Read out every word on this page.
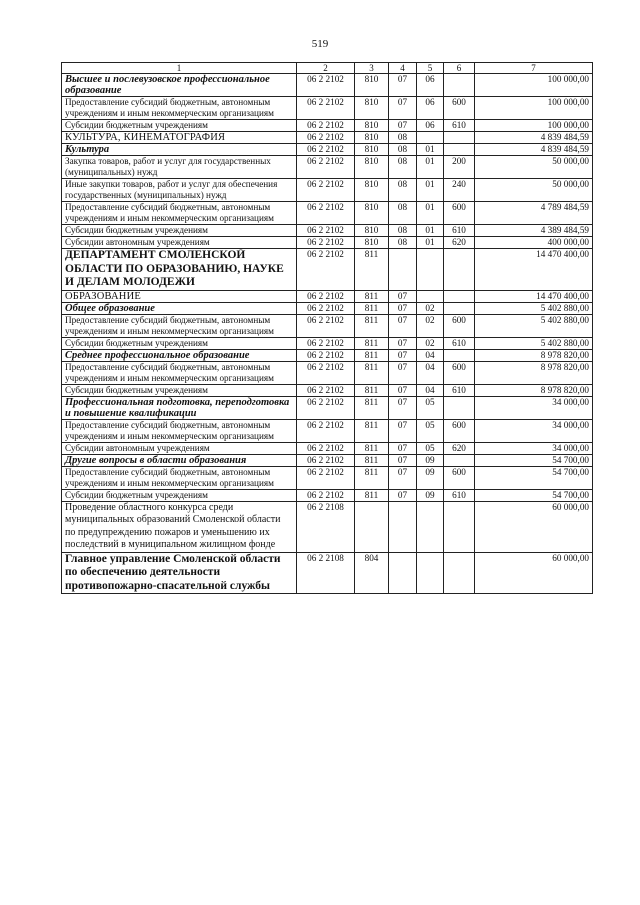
519
1	2	3	4	5	6	7
Высшее и послевузовское профессиональное образование	06 2 2102	810	07	06		100 000,00
Предоставление субсидий бюджетным, автономным учреждениям и иным некоммерческим организациям	06 2 2102	810	07	06	600	100 000,00
Субсидии бюджетным учреждениям	06 2 2102	810	07	06	610	100 000,00
КУЛЬТУРА, КИНЕМАТОГРАФИЯ	06 2 2102	810	08			4 839 484,59
Культура	06 2 2102	810	08	01		4 839 484,59
Закупка товаров, работ и услуг для государственных (муниципальных) нужд	06 2 2102	810	08	01	200	50 000,00
Иные закупки товаров, работ и услуг для обеспечения государственных (муниципальных) нужд	06 2 2102	810	08	01	240	50 000,00
Предоставление субсидий бюджетным, автономным учреждениям и иным некоммерческим организациям	06 2 2102	810	08	01	600	4 789 484,59
Субсидии бюджетным учреждениям	06 2 2102	810	08	01	610	4 389 484,59
Субсидии автономным учреждениям	06 2 2102	810	08	01	620	400 000,00
ДЕПАРТАМЕНТ СМОЛЕНСКОЙ ОБЛАСТИ ПО ОБРАЗОВАНИЮ, НАУКЕ И ДЕЛАМ МОЛОДЕЖИ	06 2 2102	811				14 470 400,00
ОБРАЗОВАНИЕ	06 2 2102	811	07			14 470 400,00
Общее образование	06 2 2102	811	07	02		5 402 880,00
Предоставление субсидий бюджетным, автономным учреждениям и иным некоммерческим организациям	06 2 2102	811	07	02	600	5 402 880,00
Субсидии бюджетным учреждениям	06 2 2102	811	07	02	610	5 402 880,00
Среднее профессиональное образование	06 2 2102	811	07	04		8 978 820,00
Предоставление субсидий бюджетным, автономным учреждениям и иным некоммерческим организациям	06 2 2102	811	07	04	600	8 978 820,00
Субсидии бюджетным учреждениям	06 2 2102	811	07	04	610	8 978 820,00
Профессиональная подготовка, переподготовка и повышение квалификации	06 2 2102	811	07	05		34 000,00
Предоставление субсидий бюджетным, автономным учреждениям и иным некоммерческим организациям	06 2 2102	811	07	05	600	34 000,00
Субсидии автономным учреждениям	06 2 2102	811	07	05	620	34 000,00
Другие вопросы в области образования	06 2 2102	811	07	09		54 700,00
Предоставление субсидий бюджетным, автономным учреждениям и иным некоммерческим организациям	06 2 2102	811	07	09	600	54 700,00
Субсидии бюджетным учреждениям	06 2 2102	811	07	09	610	54 700,00
Проведение областного конкурса среди муниципальных образований Смоленской области по предупреждению пожаров и уменьшению их последствий в муниципальном жилищном фонде	06 2 2108					60 000,00
Главное управление Смоленской области по обеспечению деятельности противопожарно-спасательной службы	06 2 2108	804				60 000,00
